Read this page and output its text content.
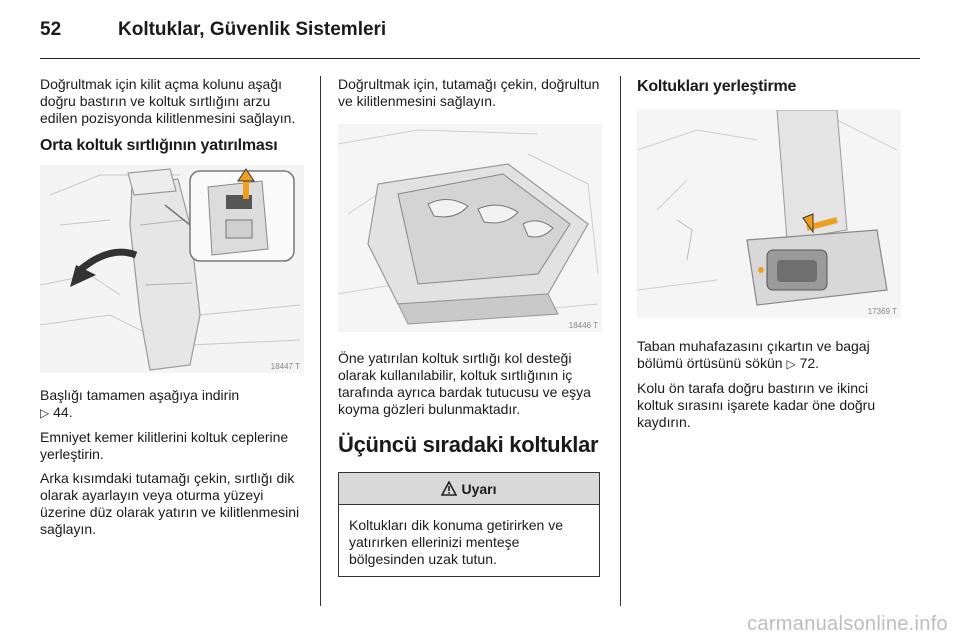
52	Koltuklar, Güvenlik Sistemleri

Doğrultmak için kilit açma kolunu aşağı doğru bastırın ve koltuk sırtlığını arzu edilen pozisyonda kilitlenmesini sağlayın.

Orta koltuk sırtlığının yatırılması
18447 T

Başlığı tamamen aşağıya indirin
▷ 44.

Emniyet kemer kilitlerini koltuk ceplerine yerleştirin.

Arka kısımdaki tutamağı çekin, sırtlığı dik olarak ayarlayın veya oturma yüzeyi üzerine düz olarak yatırın ve kilitlenmesini sağlayın.

Doğrultmak için, tutamağı çekin, doğrultun ve kilitlenmesini sağlayın.

18446 T

Öne yatırılan koltuk sırtlığı kol desteği olarak kullanılabilir, koltuk sırtlığının iç tarafında ayrıca bardak tutucusu ve eşya koyma gözleri bulunmaktadır.

Üçüncü sıradaki koltuklar
Uyarı
Koltukları dik konuma getirirken ve yatırırken ellerinizi menteşe bölgesinden uzak tutun.
Koltukları yerleştirme
17369 T

Taban muhafazasını çıkartın ve bagaj bölümü örtüsünü sökün ▷ 72.

Kolu ön tarafa doğru bastırın ve ikinci koltuk sırasını işarete kadar öne doğru kaydırın.

carmanualsonline.info
